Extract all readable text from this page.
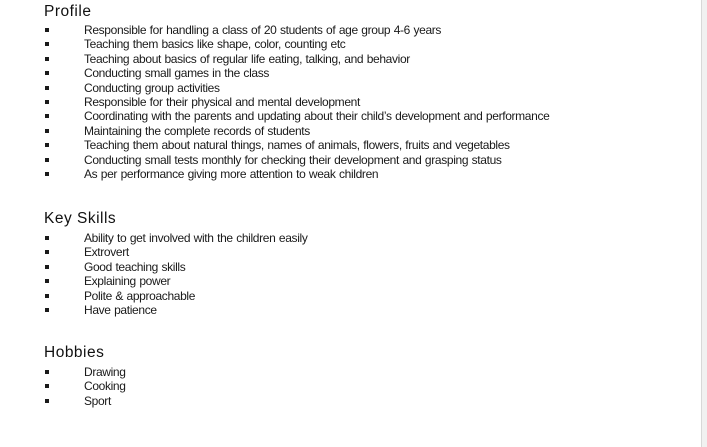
Profile
Responsible for handling a class of 20 students of age group 4-6 years
Teaching them basics like shape, color, counting etc
Teaching about basics of regular life eating, talking, and behavior
Conducting small games in the class
Conducting group activities
Responsible for their physical and mental development
Coordinating with the parents and updating about their child’s development and performance
Maintaining the complete records of students
Teaching them about natural things, names of animals, flowers, fruits and vegetables
Conducting small tests monthly for checking their development and grasping status
As per performance giving more attention to weak children
Key Skills
Ability to get involved with the children easily
Extrovert
Good teaching skills
Explaining power
Polite & approachable
Have patience
Hobbies
Drawing
Cooking
Sport
